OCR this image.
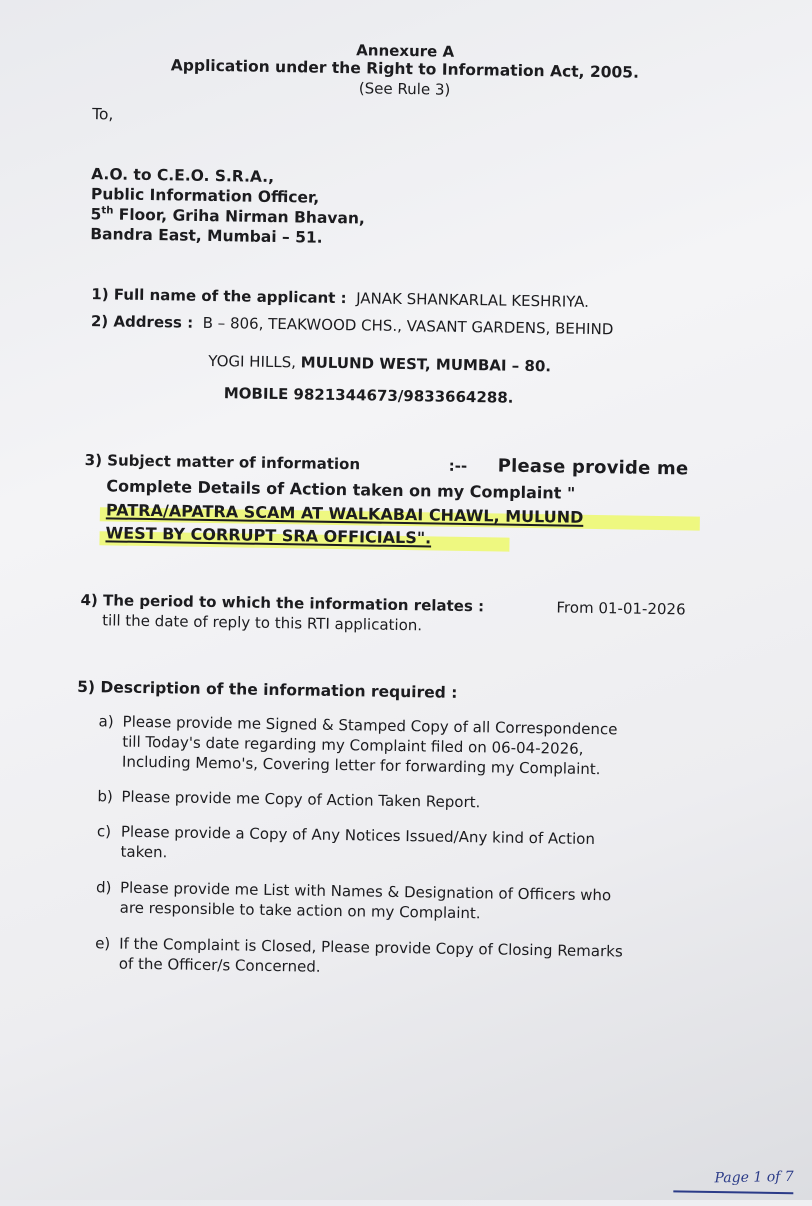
Annexure A
Application under the Right to Information Act, 2005.
(See Rule 3)
To,
A.O. to C.E.O. S.R.A.,
Public Information Officer,
5th Floor, Griha Nirman Bhavan,
Bandra East, Mumbai – 51.
1) Full name of the applicant : JANAK SHANKARLAL KESHRIYA.
2) Address : B – 806, TEAKWOOD CHS., VASANT GARDENS, BEHIND
YOGI HILLS, MULUND WEST, MUMBAI – 80.
MOBILE 9821344673/9833664288.
3) Subject matter of information	:-- Please provide me
Complete Details of Action taken on my Complaint "
PATRA/APATRA SCAM AT WALKABAI CHAWL, MULUND
WEST BY CORRUPT SRA OFFICIALS".
4) The period to which the information relates :	From 01-01-2026
till the date of reply to this RTI application.
5) Description of the information required :
a) Please provide me Signed & Stamped Copy of all Correspondence
till Today's date regarding my Complaint filed on 06-04-2026,
Including Memo's, Covering letter for forwarding my Complaint.
b) Please provide me Copy of Action Taken Report.
c) Please provide a Copy of Any Notices Issued/Any kind of Action
taken.
d) Please provide me List with Names & Designation of Officers who
are responsible to take action on my Complaint.
e) If the Complaint is Closed, Please provide Copy of Closing Remarks
of the Officer/s Concerned.
Page 1 of 7
